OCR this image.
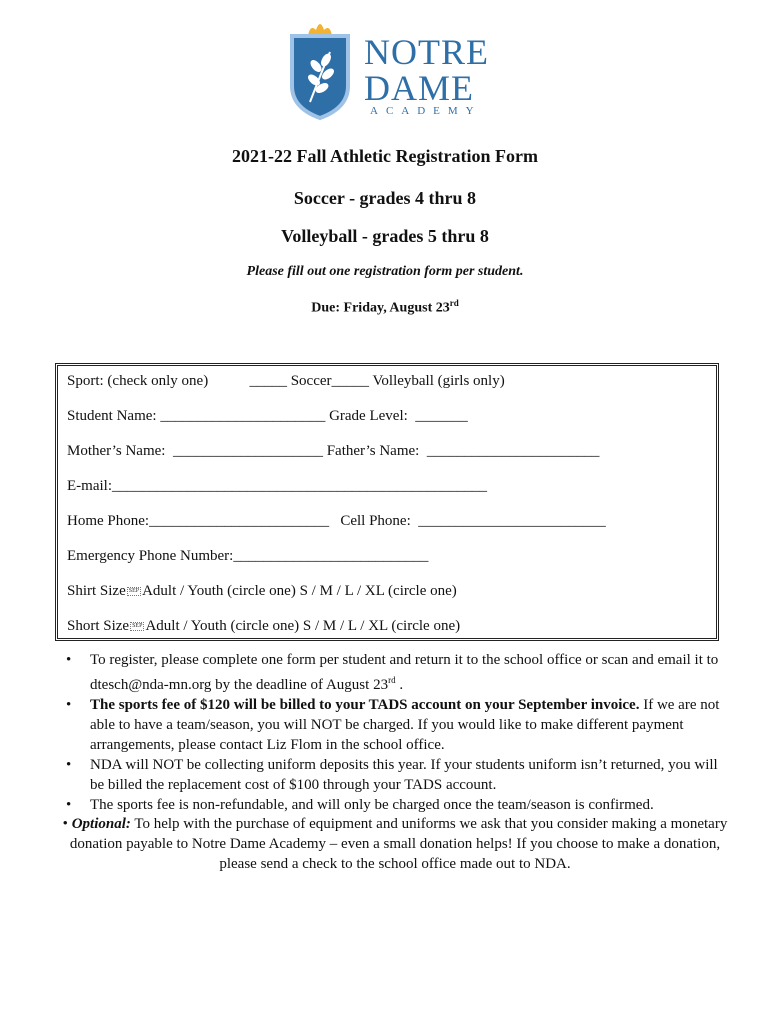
NOTRE
DAME
ACADEMY
2021-22 Fall Athletic Registration Form
Soccer - grades 4 thru 8
Volleyball - grades 5 thru 8
Please fill out one registration form per student.
Due: Friday, August 23rd
Sport: (check only one)           _____ Soccer_____ Volleyball (girls only)
Student Name: ______________________ Grade Level:  _______
Mother’s Name:  ____________________ Father’s Name:  _______________________
E-mail:__________________________________________________
Home Phone:________________________   Cell Phone:  _________________________
Emergency Phone Number:__________________________
Shirt Size SEP Adult / Youth (circle one) S / M / L / XL (circle one)
Short Size SEP Adult / Youth (circle one) S / M / L / XL (circle one)
• To register, please complete one form per student and return it to the school office or scan and email it to dtesch@nda-mn.org by the deadline of August 23rd .
• The sports fee of $120 will be billed to your TADS account on your September invoice. If we are not able to have a team/season, you will NOT be charged. If you would like to make different payment arrangements, please contact Liz Flom in the school office.
• NDA will NOT be collecting uniform deposits this year. If your students uniform isn’t returned, you will be billed the replacement cost of $100 through your TADS account.
• The sports fee is non-refundable, and will only be charged once the team/season is confirmed.
• Optional: To help with the purchase of equipment and uniforms we ask that you consider making a monetary donation payable to Notre Dame Academy – even a small donation helps! If you choose to make a donation, please send a check to the school office made out to NDA.
